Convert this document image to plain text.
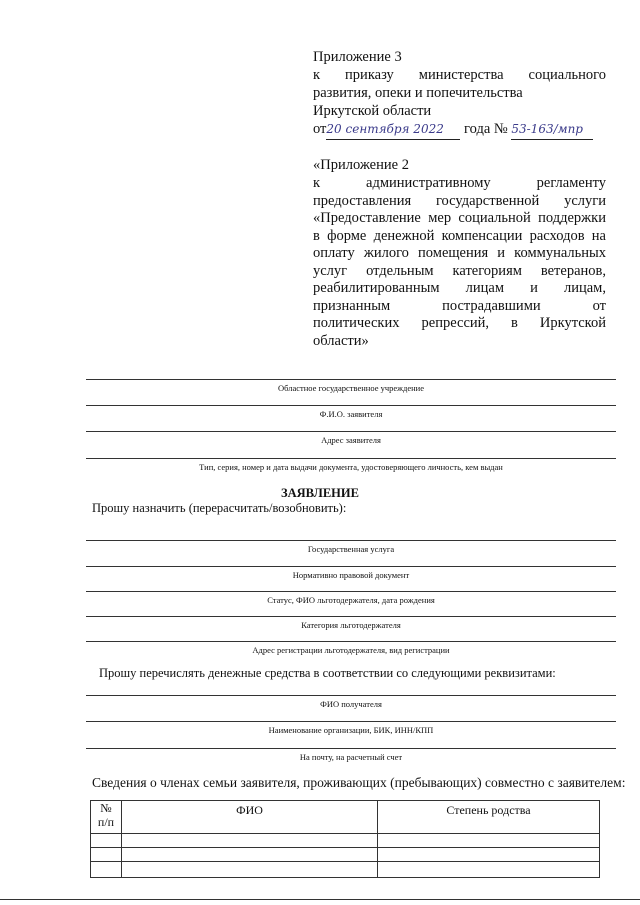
Приложение 3
к приказу министерства социального
развития, опеки и попечительства
Иркутской области
от20 сентября 2022 года № 53-163/мпр
«Приложение 2
к административному регламенту
предоставления государственной услуги
«Предоставление мер социальной поддержки
в форме денежной компенсации расходов на
оплату жилого помещения и коммунальных
услуг отдельным категориям ветеранов,
реабилитированным лицам и лицам,
признанным пострадавшими от
политических репрессий, в Иркутской
области»
Областное государственное учреждение
Ф.И.О. заявителя
Адрес заявителя
Тип, серия, номер и дата выдачи документа, удостоверяющего личность, кем выдан
ЗАЯВЛЕНИЕ
Прошу назначить (перерасчитать/возобновить):
Государственная услуга
Нормативно правовой документ
Статус, ФИО льготодержателя, дата рождения
Категория льготодержателя
Адрес регистрации льготодержателя, вид регистрации
Прошу перечислять денежные средства в соответствии со следующими реквизитами:
ФИО получателя
Наименование организации, БИК, ИНН/КПП
На почту, на расчетный счет
Сведения о членах семьи заявителя, проживающих (пребывающих) совместно с заявителем:
№
п/п	ФИО	Степень родства
